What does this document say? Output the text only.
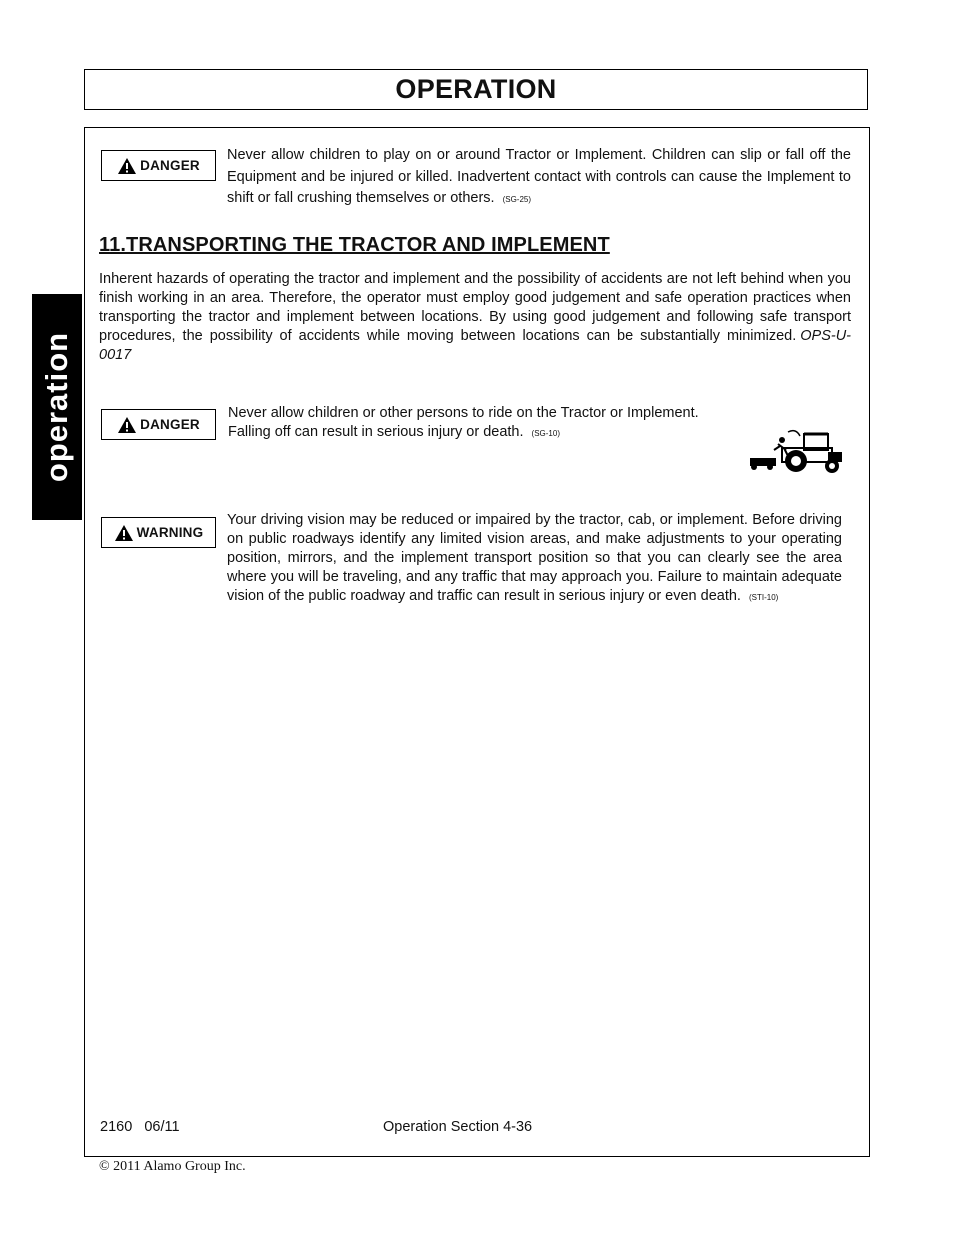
OPERATION
operation
DANGER
Never allow children to play on or around Tractor or Implement. Children can slip or fall off the Equipment and be injured or killed. Inadvertent contact with controls can cause the Implement to shift or fall crushing themselves or others. (SG-25)
11.TRANSPORTING THE TRACTOR AND IMPLEMENT
Inherent hazards of operating the tractor and implement and the possibility of accidents are not left behind when you finish working in an area. Therefore, the operator must employ good judgement and safe operation practices when transporting the tractor and implement between locations. By using good judgement and following safe transport procedures, the possibility of accidents while moving between locations can be substantially minimized. OPS-U- 0017
DANGER
Never allow children or other persons to ride on the Tractor or Implement.
Falling off can result in serious injury or death. (SG-10)
WARNING
Your driving vision may be reduced or impaired by the tractor, cab, or implement. Before driving on public roadways identify any limited vision areas, and make adjustments to your operating position, mirrors, and the implement transport position so that you can clearly see the area where you will be traveling, and any traffic that may approach you. Failure to maintain adequate vision of the public roadway and traffic can result in serious injury or even death. (STI-10)
2160   06/11	Operation Section 4-36
© 2011 Alamo Group Inc.
